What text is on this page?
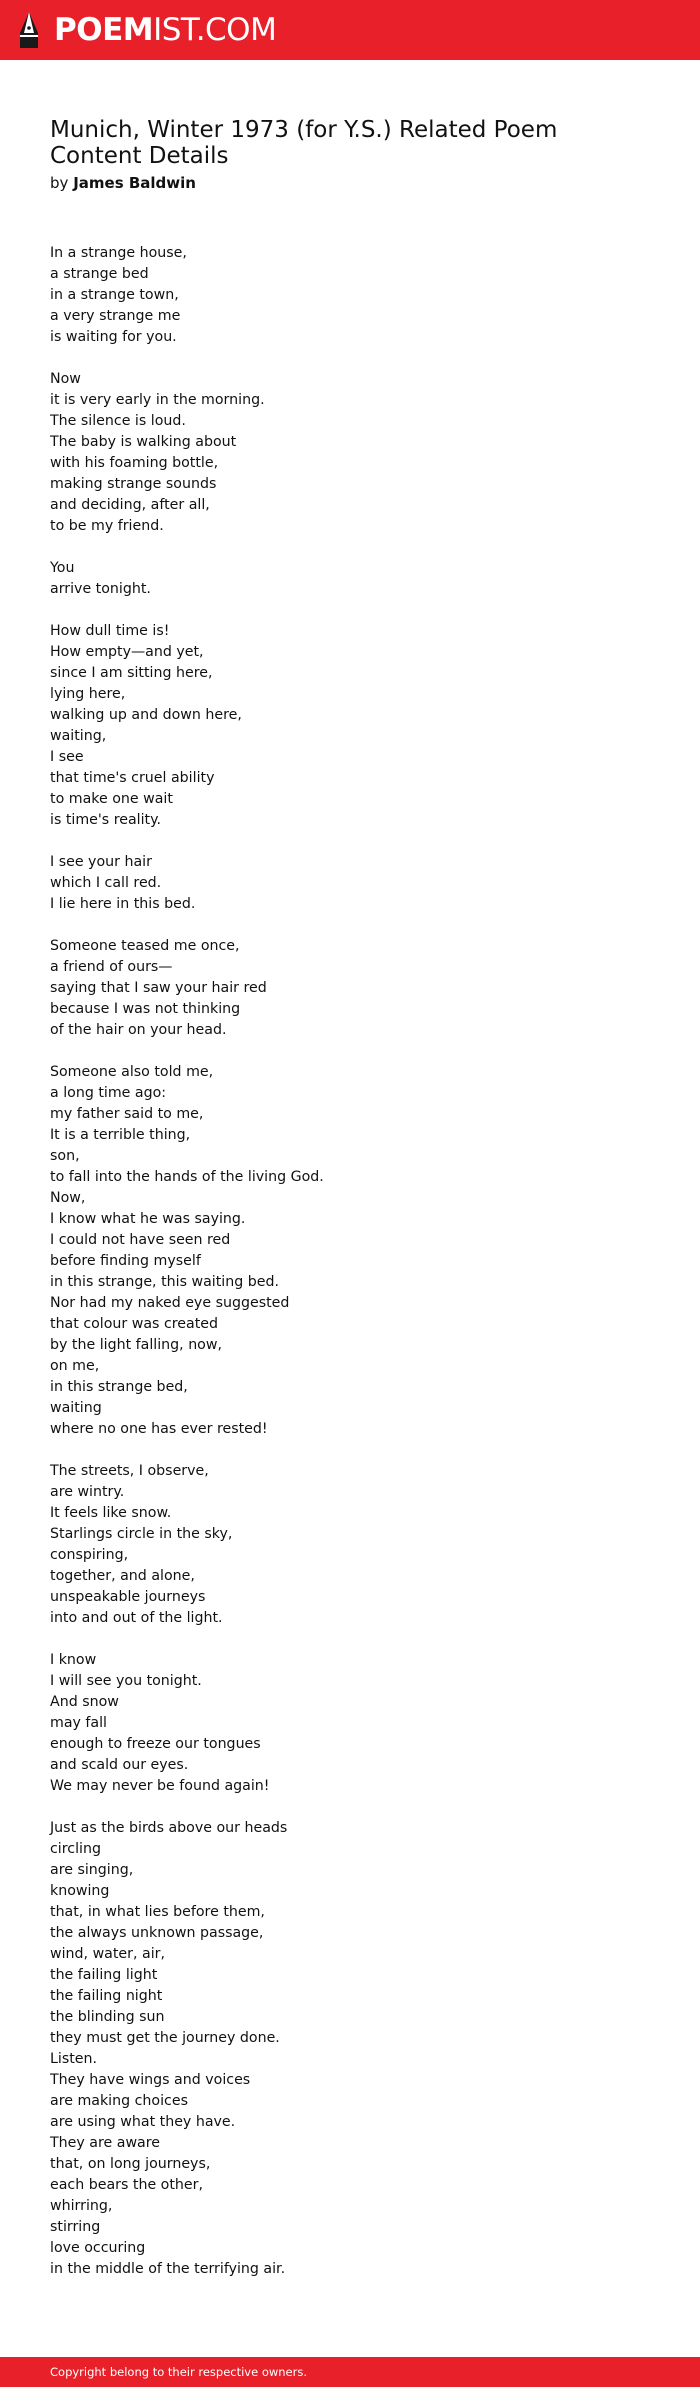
POEMIST.COM
Munich, Winter 1973 (for Y.S.) Related Poem Content Details
by James Baldwin

In a strange house,
a strange bed
in a strange town,
a very strange me
is waiting for you.

Now
it is very early in the morning.
The silence is loud.
The baby is walking about
with his foaming bottle,
making strange sounds
and deciding, after all,
to be my friend.

You
arrive tonight.

How dull time is!
How empty—and yet,
since I am sitting here,
lying here,
walking up and down here,
waiting,
I see
that time's cruel ability
to make one wait
is time's reality.

I see your hair
which I call red.
I lie here in this bed.

Someone teased me once,
a friend of ours—
saying that I saw your hair red
because I was not thinking
of the hair on your head.

Someone also told me,
a long time ago:
my father said to me,
It is a terrible thing,
son,
to fall into the hands of the living God.
Now,
I know what he was saying.
I could not have seen red
before finding myself
in this strange, this waiting bed.
Nor had my naked eye suggested
that colour was created
by the light falling, now,
on me,
in this strange bed,
waiting
where no one has ever rested!

The streets, I observe,
are wintry.
It feels like snow.
Starlings circle in the sky,
conspiring,
together, and alone,
unspeakable journeys
into and out of the light.

I know
I will see you tonight.
And snow
may fall
enough to freeze our tongues
and scald our eyes.
We may never be found again!

Just as the birds above our heads
circling
are singing,
knowing
that, in what lies before them,
the always unknown passage,
wind, water, air,
the failing light
the failing night
the blinding sun
they must get the journey done.
Listen.
They have wings and voices
are making choices
are using what they have.
They are aware
that, on long journeys,
each bears the other,
whirring,
stirring
love occuring
in the middle of the terrifying air.

Copyright belong to their respective owners.
